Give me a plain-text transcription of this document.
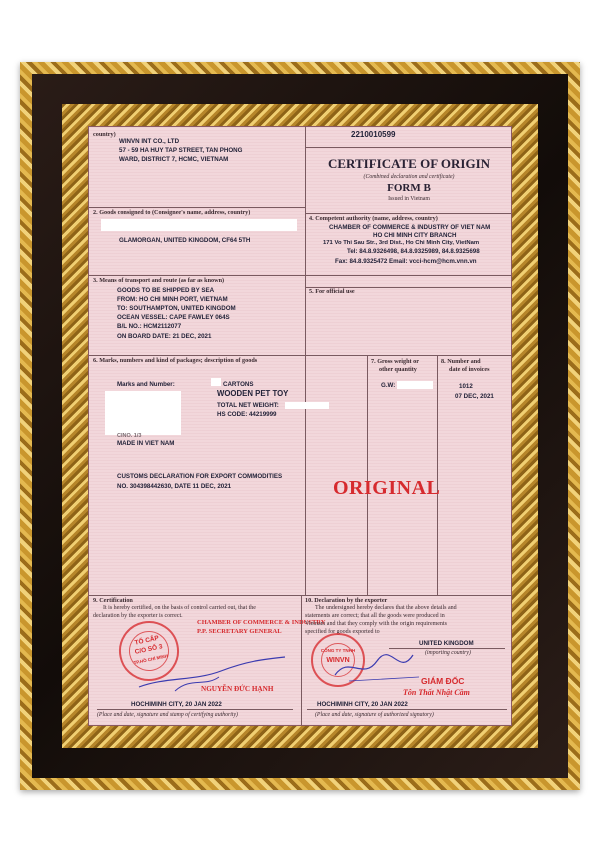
2210010599
country)
WINVN INT CO., LTD
57 - 59 HA HUY TAP STREET, TAN PHONG
WARD, DISTRICT 7, HCMC, VIETNAM	CERTIFICATE OF ORIGIN
(Combined declaration and certificate)
FORM B
Issued in Vietnam
2. Goods consigned to (Consignee's name, address, country)
GLAMORGAN, UNITED KINGDOM, CF64 5TH
4. Competent authority (name, address, country)
CHAMBER OF COMMERCE & INDUSTRY OF VIET NAM
HO CHI MINH CITY BRANCH
171 Vo Thi Sau Str., 3rd Dist., Ho Chi Minh City, VietNam
Tel: 84.8.9326498, 84.8.9325989, 84.8.9325698
Fax: 84.8.9325472 Email: vcci-hcm@hcm.vnn.vn
3. Means of transport and route (as far as known)
GOODS TO BE SHIPPED BY SEA
FROM: HO CHI MINH PORT, VIETNAM
TO: SOUTHAMPTON, UNITED KINGDOM
OCEAN VESSEL: CAPE FAWLEY 064S
B/L NO.: HCM2112077
ON BOARD DATE: 21 DEC, 2021
5. For official use
6. Marks, numbers and kind of packages; description of goods
Marks and Number:	CARTONS
WOODEN PET TOY
TOTAL NET WEIGHT:
HS CODE: 44219999
CINO. 1/3
MADE IN VIET NAM
CUSTOMS DECLARATION FOR EXPORT COMMODITIES
NO. 304398442630, DATE 11 DEC, 2021
7. Gross weight or
other quantity
G.W:
8. Number and
date of invoices
1012
07 DEC, 2021
ORIGINAL
9. Certification
It is hereby certified, on the basis of control carried out, that the
declaration by the exporter is correct.
TỔ CẤP
C/O SỐ 3
TP.HỒ CHÍ MINH
CHAMBER OF COMMERCE & INDUSTRY
P.P. SECRETARY GENERAL
NGUYỄN ĐỨC HẠNH
HOCHIMINH CITY, 20 JAN 2022
(Place and date, signature and stamp of certifying authority)
10. Declaration by the exporter
The undersigned hereby declares that the above details and
statements are correct; that all the goods were produced in
Vietnam and that they comply with the origin requirements
specified for goods exported to
UNITED KINGDOM
(importing country)
CÔNG TY TNHH
WINVN
GIÁM ĐỐC
Tôn Thất Nhật Cầm
HOCHIMINH CITY, 20 JAN 2022
(Place and date, signature of authorized signatory)
